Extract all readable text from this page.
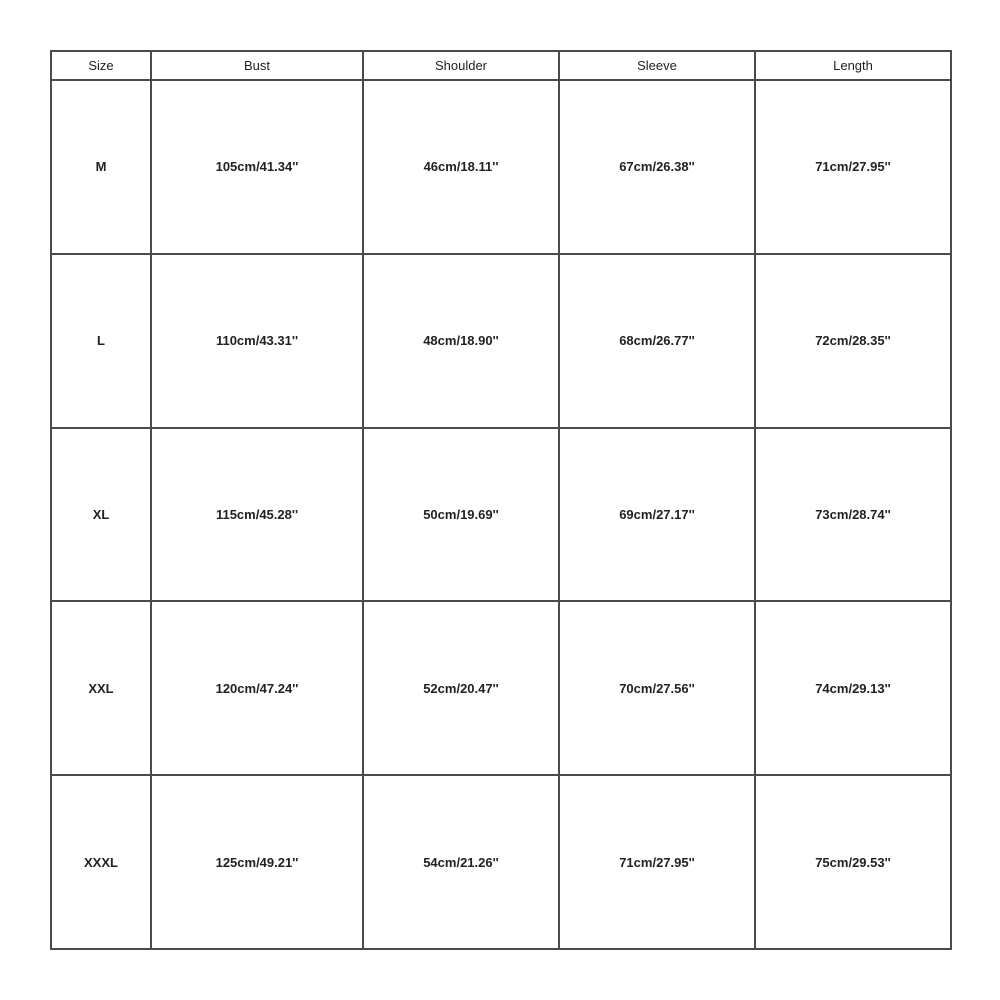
Size	Bust	Shoulder	Sleeve	Length
M	105cm/41.34''	46cm/18.11''	67cm/26.38''	71cm/27.95''
L	110cm/43.31''	48cm/18.90''	68cm/26.77''	72cm/28.35''
XL	115cm/45.28''	50cm/19.69''	69cm/27.17''	73cm/28.74''
XXL	120cm/47.24''	52cm/20.47''	70cm/27.56''	74cm/29.13''
XXXL	125cm/49.21''	54cm/21.26''	71cm/27.95''	75cm/29.53''
